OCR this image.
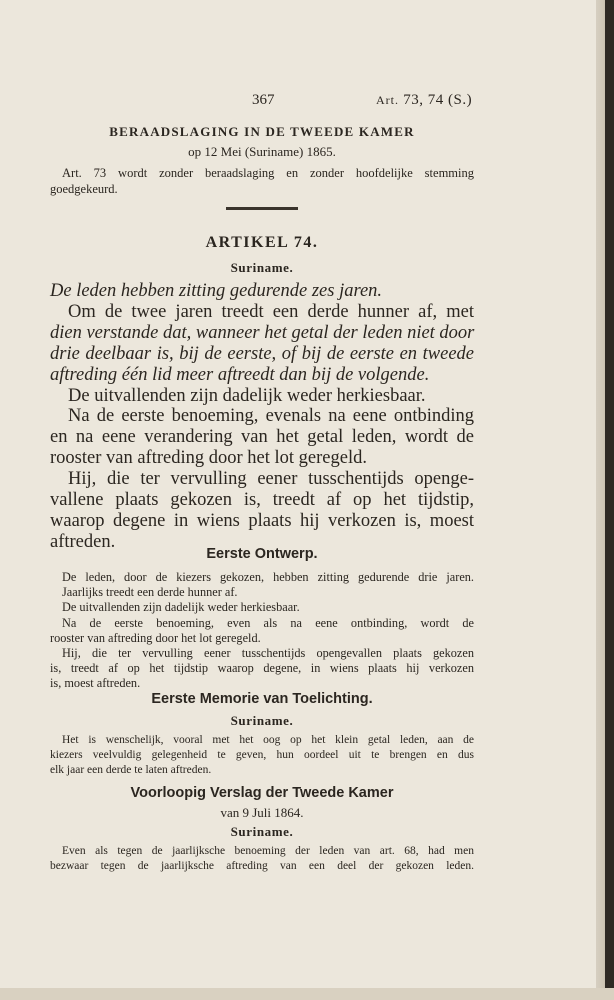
367	Art. 73, 74 (S.)
BERAADSLAGING IN DE TWEEDE KAMER
op 12 Mei (Suriname) 1865.
Art. 73 wordt zonder beraadslaging en zonder hoofdelijke stemming
goedgekeurd.
ARTIKEL 74.
Suriname.
De leden hebben zitting gedurende zes jaren.
Om de twee jaren treedt een derde hunner af, met
dien verstande dat, wanneer het getal der leden niet door
drie deelbaar is, bij de eerste, of bij de eerste en tweede
aftreding één lid meer aftreedt dan bij de volgende.
De uitvallenden zijn dadelijk weder herkiesbaar.
Na de eerste benoeming, evenals na eene ontbinding
en na eene verandering van het getal leden, wordt de
rooster van aftreding door het lot geregeld.
Hij, die ter vervulling eener tusschentijds openge-
vallene plaats gekozen is, treedt af op het tijdstip,
waarop degene in wiens plaats hij verkozen is, moest
aftreden.
Eerste Ontwerp.
De leden, door de kiezers gekozen, hebben zitting gedurende drie jaren.
Jaarlijks treedt een derde hunner af.
De uitvallenden zijn dadelijk weder herkiesbaar.
Na de eerste benoeming, even als na eene ontbinding, wordt de
rooster van aftreding door het lot geregeld.
Hij, die ter vervulling eener tusschentijds opengevallen plaats gekozen
is, treedt af op het tijdstip waarop degene, in wiens plaats hij verkozen
is, moest aftreden.
Eerste Memorie van Toelichting.
Suriname.
Het is wenschelijk, vooral met het oog op het klein getal leden, aan de
kiezers veelvuldig gelegenheid te geven, hun oordeel uit te brengen en dus
elk jaar een derde te laten aftreden.
Voorloopig Verslag der Tweede Kamer
van 9 Juli 1864.
Suriname.
Even als tegen de jaarlijksche benoeming der leden van art. 68, had men
bezwaar tegen de jaarlijksche aftreding van een deel der gekozen leden.
